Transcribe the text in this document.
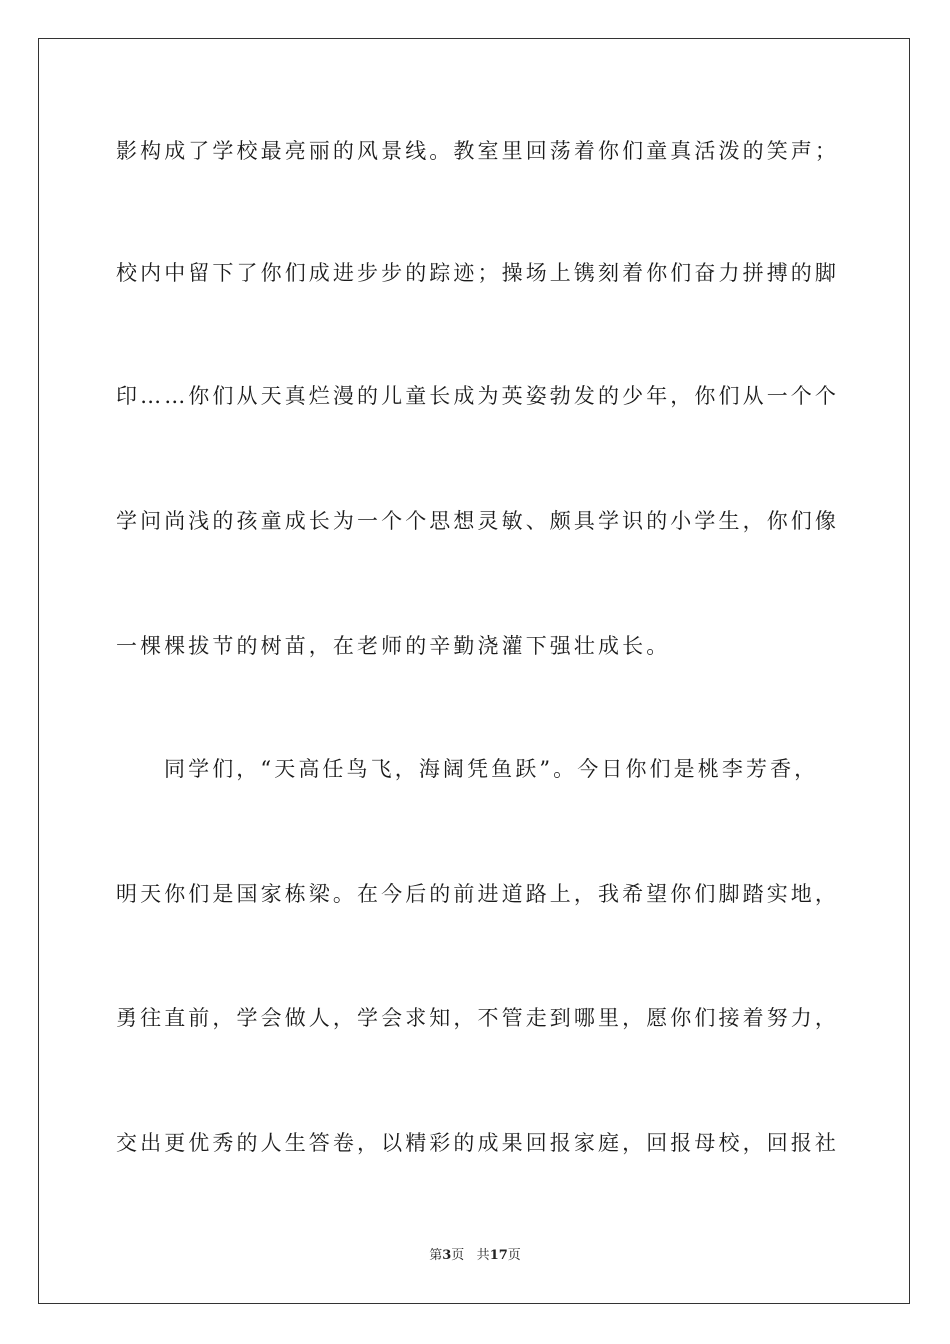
影构成了学校最亮丽的风景线。教室里回荡着你们童真活泼的笑声；
校内中留下了你们成进步步的踪迹；操场上镌刻着你们奋力拼搏的脚
印……你们从天真烂漫的儿童长成为英姿勃发的少年，你们从一个个
学问尚浅的孩童成长为一个个思想灵敏、颇具学识的小学生，你们像
一棵棵拔节的树苗，在老师的辛勤浇灌下强壮成长。
同学们，“天高任鸟飞，海阔凭鱼跃”。今日你们是桃李芳香，
明天你们是国家栋梁。在今后的前进道路上，我希望你们脚踏实地，
勇往直前，学会做人，学会求知，不管走到哪里，愿你们接着努力，
交出更优秀的人生答卷，以精彩的成果回报家庭，回报母校，回报社
第3页 共17页
